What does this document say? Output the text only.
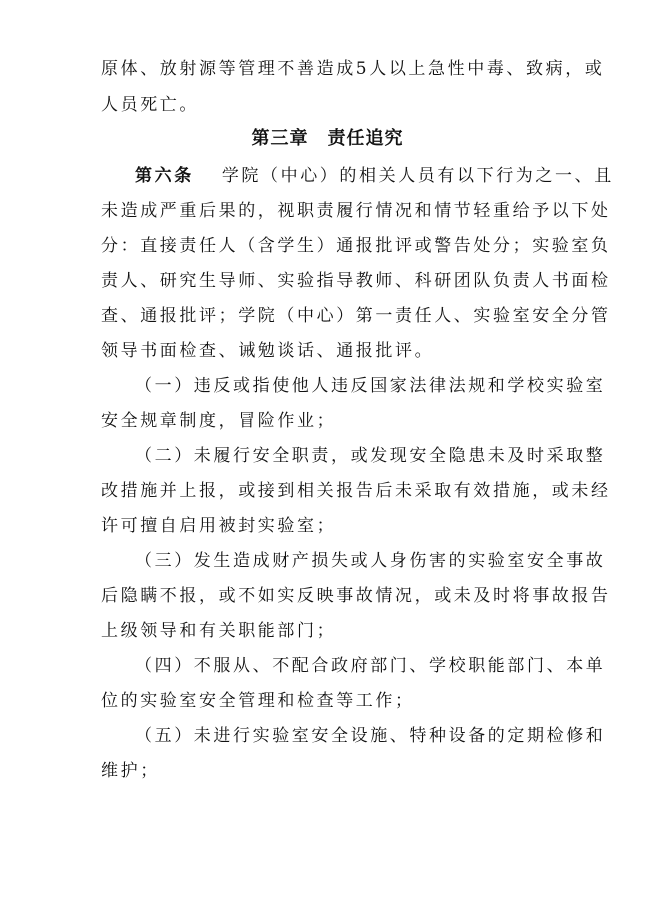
原体、放射源等管理不善造成5人以上急性中毒、致病，或
人员死亡。
第三章　责任追究
第六条 学院（中心）的相关人员有以下行为之一、且
未造成严重后果的，视职责履行情况和情节轻重给予以下处
分：直接责任人（含学生）通报批评或警告处分；实验室负
责人、研究生导师、实验指导教师、科研团队负责人书面检
查、通报批评；学院（中心）第一责任人、实验室安全分管
领导书面检查、诫勉谈话、通报批评。
（一）违反或指使他人违反国家法律法规和学校实验室
安全规章制度，冒险作业；
（二）未履行安全职责，或发现安全隐患未及时采取整
改措施并上报，或接到相关报告后未采取有效措施，或未经
许可擅自启用被封实验室；
（三）发生造成财产损失或人身伤害的实验室安全事故
后隐瞒不报，或不如实反映事故情况，或未及时将事故报告
上级领导和有关职能部门；
（四）不服从、不配合政府部门、学校职能部门、本单
位的实验室安全管理和检查等工作；
（五）未进行实验室安全设施、特种设备的定期检修和
维护；
